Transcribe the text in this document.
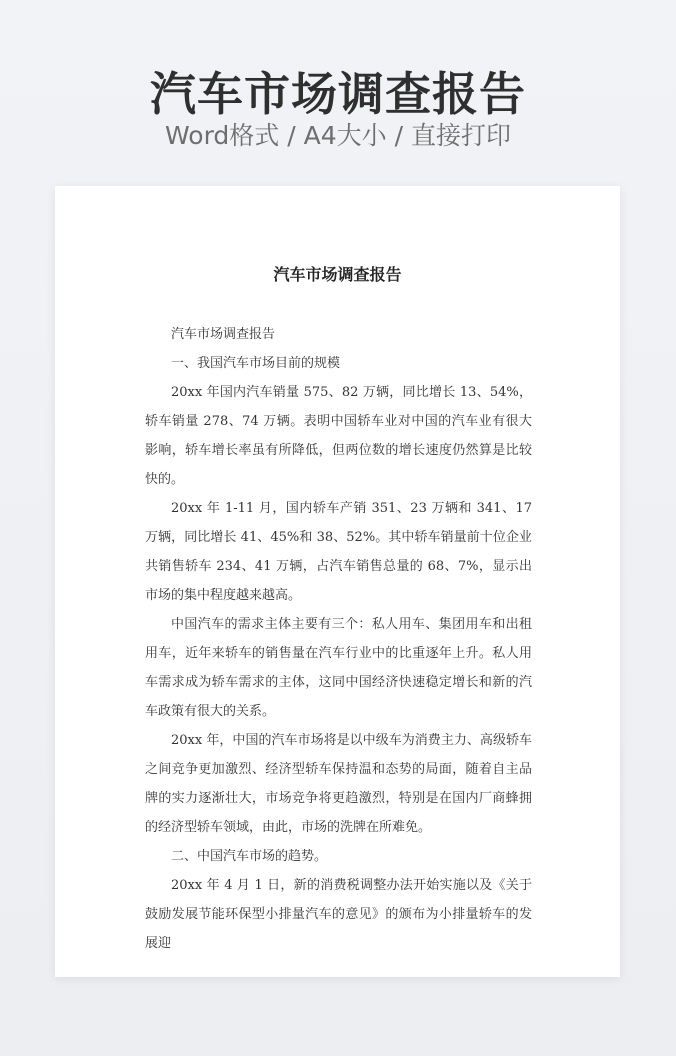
汽车市场调查报告
Word格式 / A4大小 / 直接打印
汽车市场调查报告

汽车市场调查报告

一、我国汽车市场目前的规模

20xx 年国内汽车销量 575、82 万辆，同比增长 13、54%，轿车销量 278、74 万辆。表明中国轿车业对中国的汽车业有很大影响，轿车增长率虽有所降低，但两位数的增长速度仍然算是比较快的。

20xx 年 1-11 月，国内轿车产销 351、23 万辆和 341、17 万辆，同比增长 41、45%和 38、52%。其中轿车销量前十位企业共销售轿车 234、41 万辆，占汽车销售总量的 68、7%，显示出市场的集中程度越来越高。

中国汽车的需求主体主要有三个：私人用车、集团用车和出租用车，近年来轿车的销售量在汽车行业中的比重逐年上升。私人用车需求成为轿车需求的主体，这同中国经济快速稳定增长和新的汽车政策有很大的关系。

20xx 年，中国的汽车市场将是以中级车为消费主力、高级轿车之间竞争更加激烈、经济型轿车保持温和态势的局面，随着自主品牌的实力逐渐壮大，市场竞争将更趋激烈，特别是在国内厂商蜂拥的经济型轿车领域，由此，市场的洗牌在所难免。

二、中国汽车市场的趋势。

20xx 年 4 月 1 日，新的消费税调整办法开始实施以及《关于鼓励发展节能环保型小排量汽车的意见》的颁布为小排量轿车的发展迎
